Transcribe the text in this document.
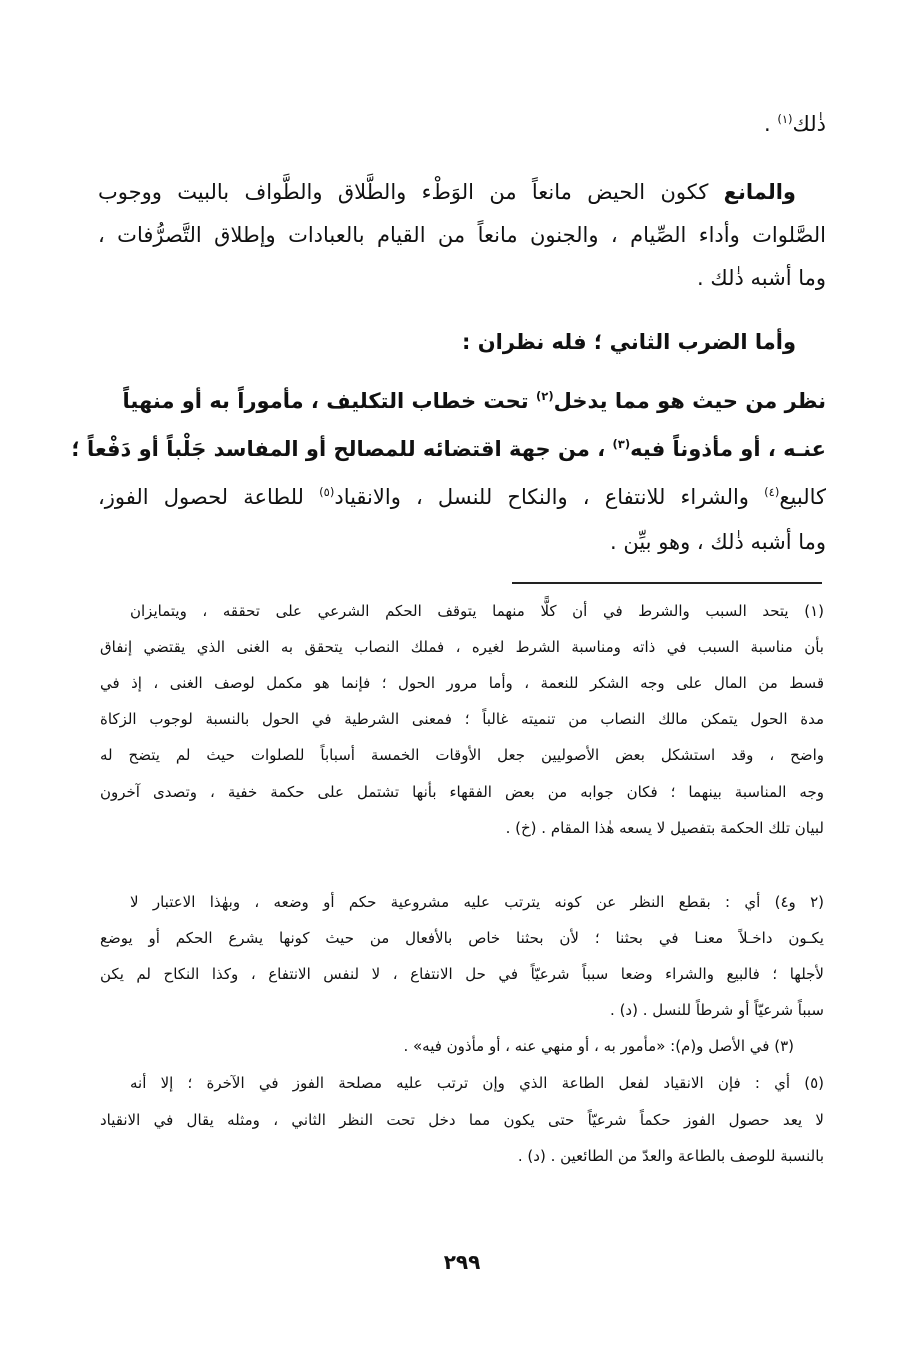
ذٰلك$^{(١)}$ .
والمانع ككون الحيض مانعاً من الوَطْء والطَّلاق والطَّواف بالبيت ووجوب
الصَّلوات وأداء الصِّيام ، والجنون مانعاً من القيام بالعبادات وإطلاق التَّصرُّفات ،
وما أشبه ذٰلك .
وأما الضرب الثاني ؛ فله نظران :
نظر من حيث هو مما يدخل$^{(٢)}$ تحت خطاب التكليف ، مأموراً به أو منهياً
عنـه ، أو مأذوناً فيه$^{(٣)}$ ، من جهة اقتضائه للمصالح أو المفاسد جَلْباً أو دَفْعاً ؛
كالبيع$^{(٤)}$ والشراء للانتفاع ، والنكاح للنسل ، والانقياد$^{(٥)}$ للطاعة لحصول الفوز،
وما أشبه ذٰلك ، وهو بيِّن .
(١) يتحد السبب والشرط في أن كلًّا منهما يتوقف الحكم الشرعي على تحققه ، ويتمايزان
بأن مناسبة السبب في ذاته ومناسبة الشرط لغيره ، فملك النصاب يتحقق به الغنى الذي يقتضي إنفاق
قسط من المال على وجه الشكر للنعمة ، وأما مرور الحول ؛ فإنما هو مكمل لوصف الغنى ، إذ في
مدة الحول يتمكن مالك النصاب من تنميته غالباً ؛ فمعنى الشرطية في الحول بالنسبة لوجوب الزكاة
واضح ، وقد استشكل بعض الأصوليين جعل الأوقات الخمسة أسباباً للصلوات حيث لم يتضح له
وجه المناسبة بينهما ؛ فكان جوابه من بعض الفقهاء بأنها تشتمل على حكمة خفية ، وتصدى آخرون
لبيان تلك الحكمة بتفصيل لا يسعه هٰذا المقام . (خ) .
(٢ و٤) أي : بقطع النظر عن كونه يترتب عليه مشروعية حكم أو وضعه ، وبهٰذا الاعتبار لا
يكـون داخـلاً معنـا في بحثنا ؛ لأن بحثنا خاص بالأفعال من حيث كونها يشرع الحكم أو يوضع
لأجلها ؛ فالبيع والشراء وضعا سبباً شرعيّاً في حل الانتفاع ، لا لنفس الانتفاع ، وكذا النكاح لم يكن
سبباً شرعيّاً أو شرطاً للنسل . (د) .
(٣) في الأصل و(م): «مأمور به ، أو منهي عنه ، أو مأذون فيه» .
(٥) أي : فإن الانقياد لفعل الطاعة الذي وإن ترتب عليه مصلحة الفوز في الآخرة ؛ إلا أنه
لا يعد حصول الفوز حكماً شرعيّاً حتى يكون مما دخل تحت النظر الثاني ، ومثله يقال في الانقياد
بالنسبة للوصف بالطاعة والعدّ من الطائعين . (د) .
٢٩٩
